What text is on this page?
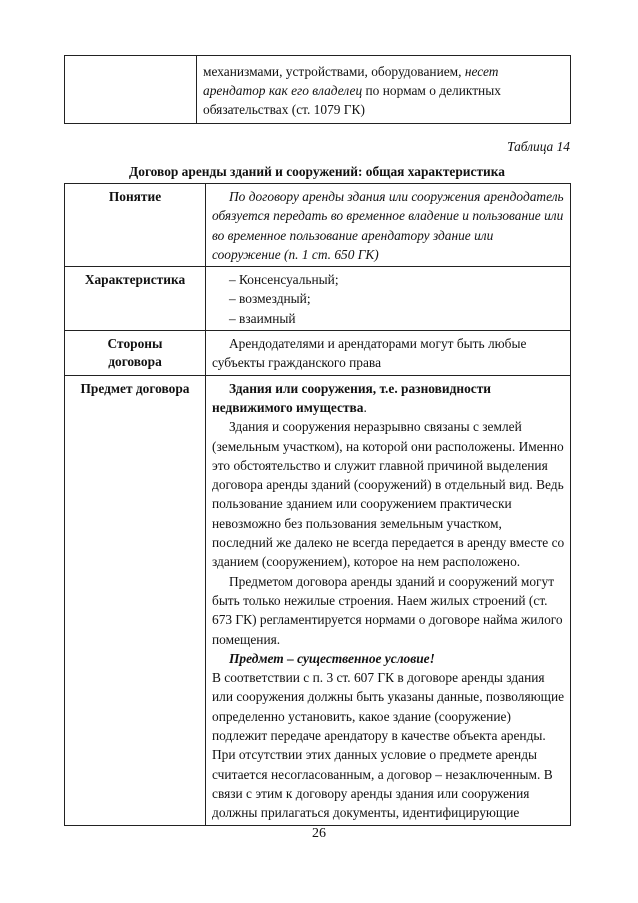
	механизмами, устройствами, оборудованием, несет арендатор как его владелец по нормам о деликтных обязательствах (ст. 1079 ГК)
Таблица 14
Договор аренды зданий и сооружений: общая характеристика
Понятие	По договору аренды здания или сооружения арендодатель обязуется передать во временное владение и пользование или во временное пользование арендатору здание или сооружение (п. 1 ст. 650 ГК)

Характеристика	– Консенсуальный;

– возмездный;

– взаимный

Стороны
договора	Арендодателями и арендаторами могут быть любые субъекты гражданского права

Предмет договора	Здания или сооружения, т.е. разновидности недвижимого имущества.

Здания и сооружения неразрывно связаны с землей (земельным участком), на которой они расположены. Именно это обстоятельство и служит главной причиной выделения договора аренды зданий (сооружений) в отдельный вид. Ведь пользование зданием или сооружением практически невозможно без пользования земельным участком, последний же далеко не всегда передается в аренду вместе со зданием (сооружением), которое на нем расположено.

Предметом договора аренды зданий и сооружений могут быть только нежилые строения. Наем жилых строений (ст. 673 ГК) регламентируется нормами о договоре найма жилого помещения.

Предмет – существенное условие!

В соответствии с п. 3 ст. 607 ГК в договоре аренды здания или сооружения должны быть указаны данные, позволяющие определенно установить, какое здание (сооружение) подлежит передаче арендатору в качестве объекта аренды. При отсутствии этих данных условие о предмете аренды считается несогласованным, а договор – незаключенным. В связи с этим к договору аренды здания или сооружения должны прилагаться документы, идентифицирующие

26
